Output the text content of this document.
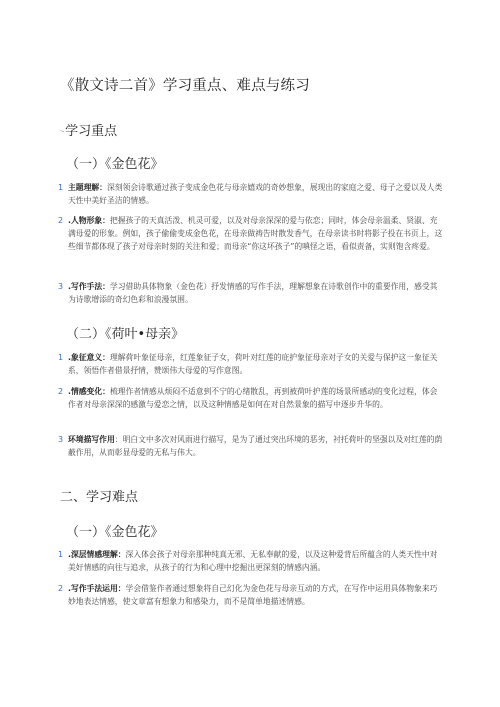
《散文诗二首》学习重点、难点与练习
·-学习重点
（一）《金色花》
1 主题理解：深刻领会诗歌通过孩子变成金色花与母亲嬉戏的奇妙想象，展现出的家庭之爱、母子之爱以及人类天性中美好圣洁的情感。
2 .人物形象：把握孩子的天真活泼、机灵可爱，以及对母亲深深的爱与依恋；同时，体会母亲温柔、贤淑、充满母爱的形象。例如，孩子偷偷变成金色花，在母亲做祷告时散发香气，在母亲读书时将影子投在书页上，这些细节都体现了孩子对母亲时刻的关注和爱；而母亲“你这坏孩子”的嗔怪之语，看似责备，实则饱含疼爱。
3 .写作手法：学习借助具体物象（金色花）抒发情感的写作手法，理解想象在诗歌创作中的重要作用，感受其为诗歌增添的奇幻色彩和浪漫氛围。
（二）《荷叶•母亲》
1 .象征意义：理解荷叶象征母亲，红莲象征子女，荷叶对红莲的庇护象征母亲对子女的关爱与保护这一象征关系，领悟作者借景抒情，赞颂伟大母爱的写作意图。
2 .情感变化：梳理作者情感从烦闷不适意到不宁的心绪散乱，再到被荷叶护莲的场景所感动的变化过程，体会作者对母亲深深的感激与爱恋之情，以及这种情感是如何在对自然景象的描写中逐步升华的。
3 环境描写作用：明白文中多次对风雨进行描写，是为了通过突出环境的恶劣，衬托荷叶的坚强以及对红莲的荫蔽作用，从而彰显母爱的无私与伟大。
二、学习难点
（一）《金色花》
1 .深层情感理解：深入体会孩子对母亲那种纯真无邪、无私奉献的爱，以及这种爱背后所蕴含的人类天性中对美好情感的向往与追求，从孩子的行为和心理中挖掘出更深刻的情感内涵。
2 .写作手法运用：学会借鉴作者通过想象将自己幻化为金色花与母亲互动的方式，在写作中运用具体物象来巧妙地表达情感，使文章富有想象力和感染力，而不是简单地描述情感。
